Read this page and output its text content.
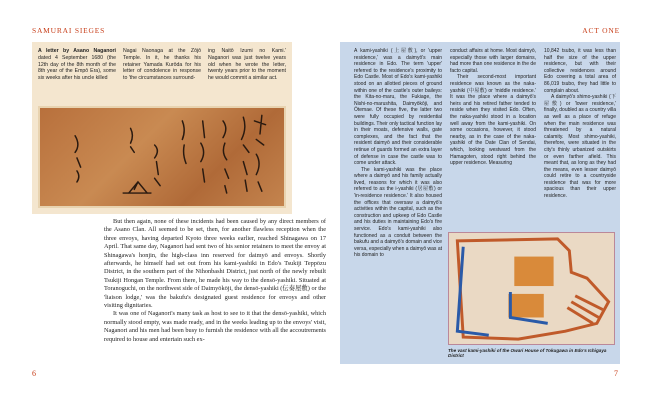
SAMURAI SIEGES	ACT ONE
A letter by Asano Naganori dated 4 September 1680 (the 12th day of the 8th month of the 8th year of the Empō Era), some six weeks after his uncle killed
Nagai Naonaga at the Zōjō Temple. In it, he thanks his retainer Yamada Kurōda for his letter of condolence in response to 'the circumstances surround-
ing Naitō Izumi no Kami.' Naganori was just twelve years old when he wrote the letter, twenty years prior to the moment he would commit a similar act.

But then again, none of these incidents had been caused by any direct members of the Asano Clan. All seemed to be set, then, for another flawless reception when the three envoys, having departed Kyoto three weeks earlier, reached Shinagawa on 17 April. That same day, Naganori had sent two of his senior retainers to meet the envoy at Shinagawa's honjin, the high-class inn reserved for daimyō and envoys. Shortly afterwards, he himself had set out from his kami-yashiki in Edo's Tsukiji Teppōzu District, in the southern part of the Nihonbashi District, just north of the newly rebuilt Tsukiji Hongan Temple. From there, he made his way to the densō-yashiki. Situated at Toranoguchi, on the northwest side of Daimyōkōji, the densō-yashiki (伝奏屋敷) or the 'liaison lodge,' was the bakufu's designated guest residence for envoys and other visiting dignitaries.

It was one of Naganori's many task as host to see to it that the densō-yashiki, which normally stood empty, was made ready, and in the weeks leading up to the envoys' visit, Naganori and his men had been busy to furnish the residence with all the accoutrements required to house and entertain such ex-

6

A kami-yashiki (上屋敷), or 'upper residence,' was a daimyō's main residence in Edo. The term 'upper' referred to the residence's proximity to Edo Castle. Most of Edo's kami-yashiki stood on an allotted pieces of ground within one of the castle's outer baileys: the Kita-no-maru, the Fukiage, the Nishi-no-marushita, Daimyōkōji, and Ōtemae. Of these five, the latter two were fully occupied by residential buildings. Their only tactical function lay in their moats, defensive walls, gate complexes, and the fact that the resident daimyō and their considerable retinue of guards formed an extra layer of defense in case the castle was to come under attack.

The kami-yashiki was the place where a daimyō and his family actually lived, reasons for which it was also referred to as the i-yashiki (居屋敷) or 'in-residence residence.' It also housed the offices that oversaw a daimyō's activities within the capital, such as the construction and upkeep of Edo Castle and his duties in maintaining Edo's fire service. Edo's kami-yashiki also functioned as a conduit between the bakufu and a daimyō's domain and vice versa, especially when a daimyō was at his domain to

conduct affairs at home. Most daimyō, especially those with larger domains, had more than one residence in the de facto capital.

Their second-most important residence was known as the naka-yashiki (中屋敷) or 'middle residence.' It was the place where a daimyō's heirs and his retired father tended to reside when they visited Edo. Often, the naka-yashiki stood in a location well away from the kami-yashiki. On some occasions, however, it stood nearby, as in the case of the naka-yashiki of the Date Clan of Sendai, which, looking westward from the Hamagoten, stood right behind the upper residence. Measuring

10,842 tsubo, it was less than half the size of the upper residence, but with their collective residences around Edo covering a total area of 86,019 tsubo, they had little to complain about.

A daimyō's shimo-yashiki (下屋敷) or 'lower residence,' finally, doubled as a country villa as well as a place of refuge when the main residence was threatened by a natural calamity. Most shimo-yashiki, therefore, were situated in the city's thinly urbanized outskirts or even farther afield. This meant that, as long as they had the means, even lesser daimyō could retire to a countryside residence that was for more spacious than their upper residence.

The vast kami-yashiki of the Owari House of Tokugawa in Edo's Ichigaya District
7
